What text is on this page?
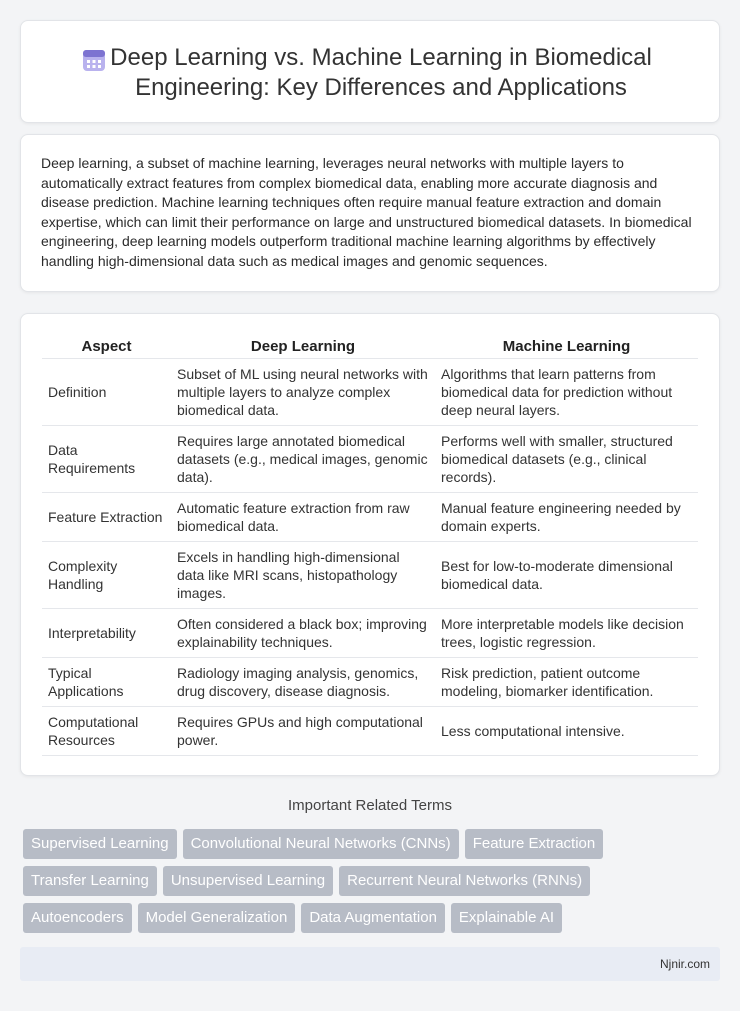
Deep Learning vs. Machine Learning in Biomedical Engineering: Key Differences and Applications

Deep learning, a subset of machine learning, leverages neural networks with multiple layers to automatically extract features from complex biomedical data, enabling more accurate diagnosis and disease prediction. Machine learning techniques often require manual feature extraction and domain expertise, which can limit their performance on large and unstructured biomedical datasets. In biomedical engineering, deep learning models outperform traditional machine learning algorithms by effectively handling high-dimensional data such as medical images and genomic sequences.

Aspect	Deep Learning	Machine Learning
Definition	Subset of ML using neural networks with multiple layers to analyze complex biomedical data.	Algorithms that learn patterns from biomedical data for prediction without deep neural layers.
Data Requirements	Requires large annotated biomedical datasets (e.g., medical images, genomic data).	Performs well with smaller, structured biomedical datasets (e.g., clinical records).
Feature Extraction	Automatic feature extraction from raw biomedical data.	Manual feature engineering needed by domain experts.
Complexity Handling	Excels in handling high-dimensional data like MRI scans, histopathology images.	Best for low-to-moderate dimensional biomedical data.
Interpretability	Often considered a black box; improving explainability techniques.	More interpretable models like decision trees, logistic regression.
Typical Applications	Radiology imaging analysis, genomics, drug discovery, disease diagnosis.	Risk prediction, patient outcome modeling, biomarker identification.
Computational Resources	Requires GPUs and high computational power.	Less computational intensive.
Important Related Terms
Supervised Learning	Convolutional Neural Networks (CNNs)	Feature Extraction
Transfer Learning	Unsupervised Learning	Recurrent Neural Networks (RNNs)
Autoencoders	Model Generalization	Data Augmentation	Explainable AI
Njnir.com
